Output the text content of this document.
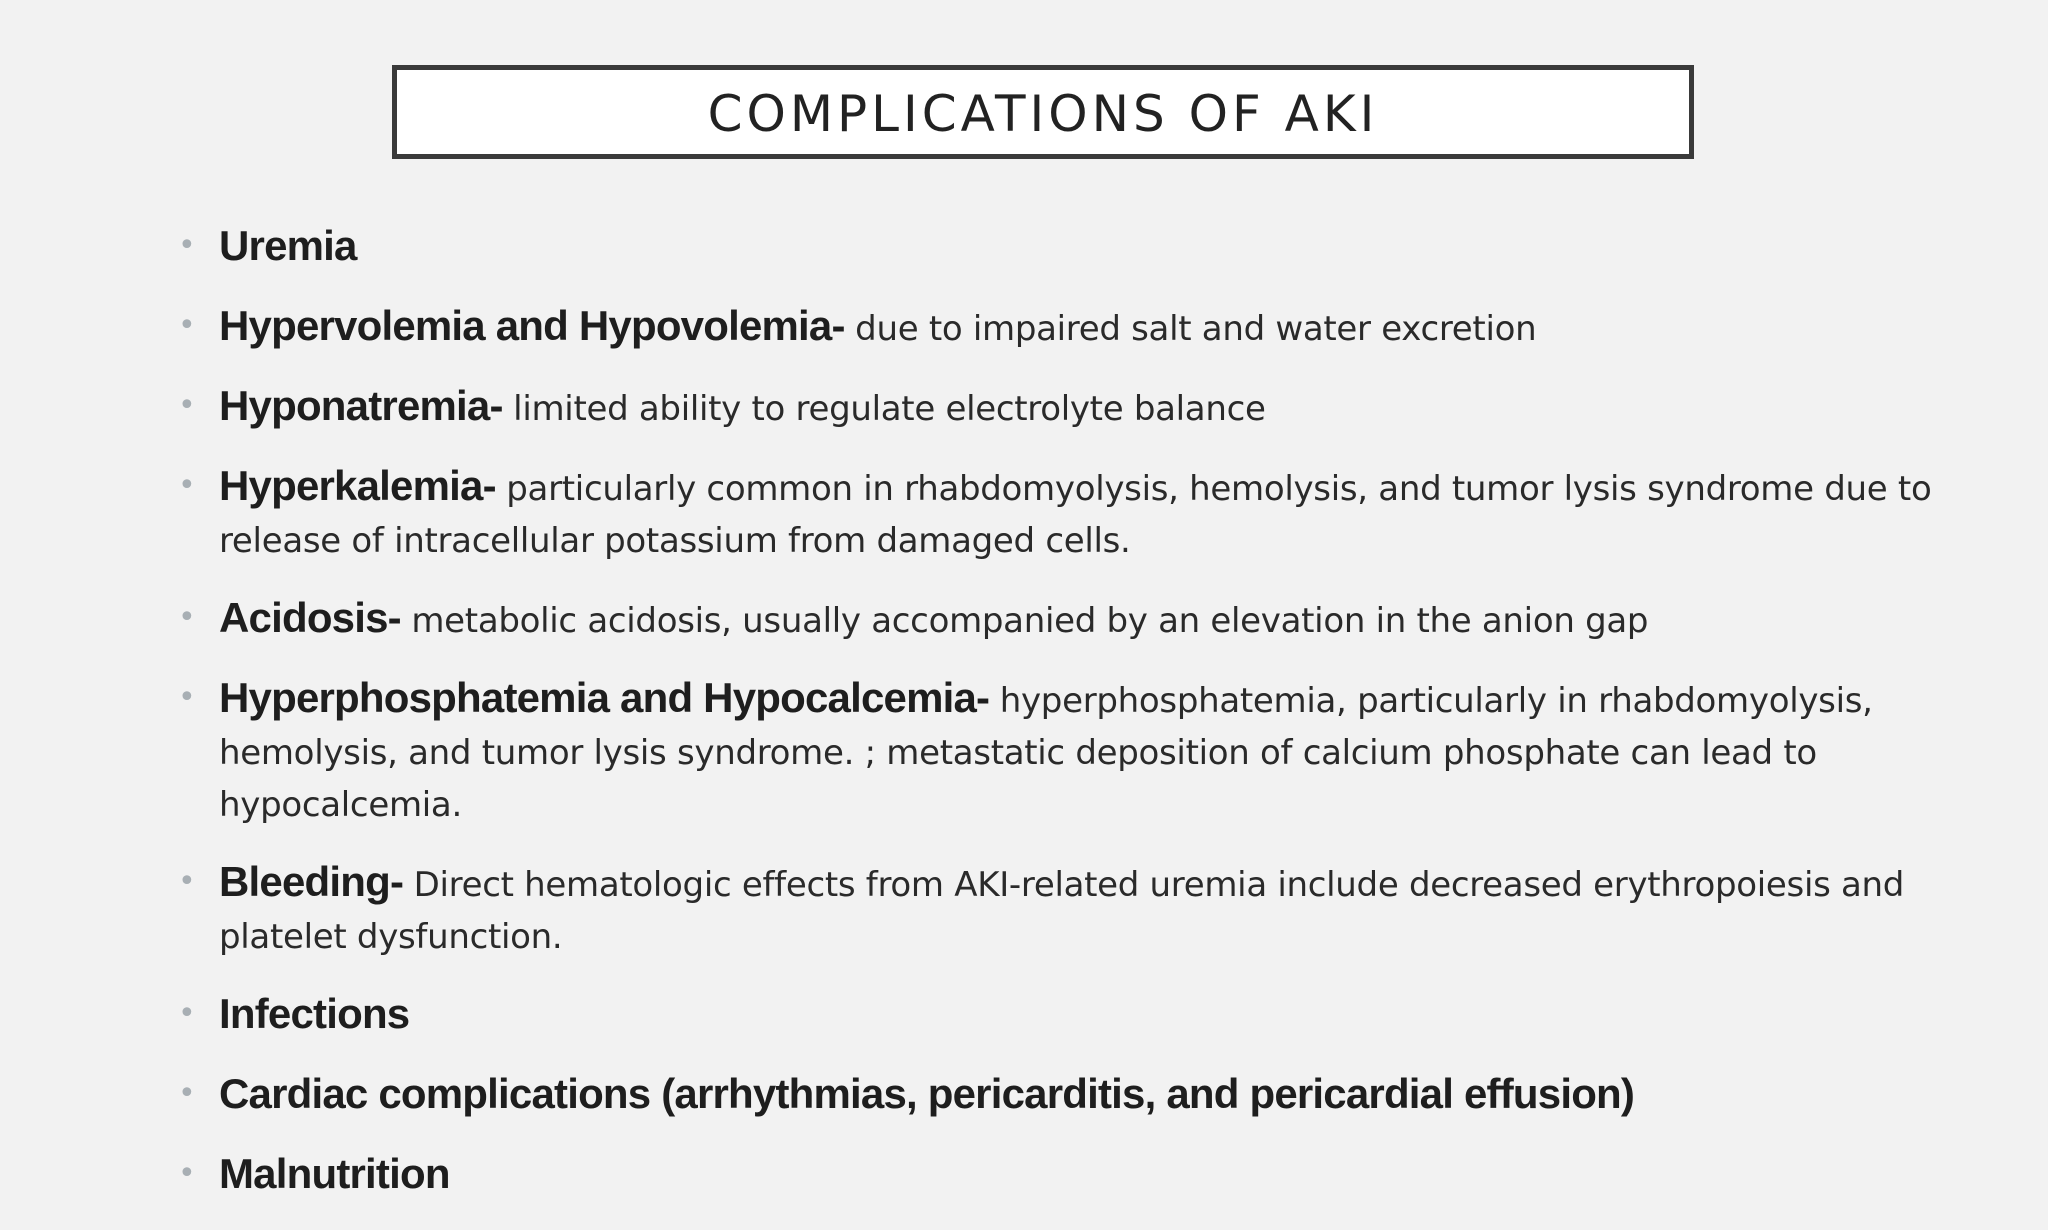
COMPLICATIONS OF AKI
• Uremia
• Hypervolemia and Hypovolemia- due to impaired salt and water excretion
• Hyponatremia- limited ability to regulate electrolyte balance
• Hyperkalemia- particularly common in rhabdomyolysis, hemolysis, and tumor lysis syndrome due to release of intracellular potassium from damaged cells.
• Acidosis- metabolic acidosis, usually accompanied by an elevation in the anion gap
• Hyperphosphatemia and Hypocalcemia- hyperphosphatemia, particularly in rhabdomyolysis, hemolysis, and tumor lysis syndrome. ; metastatic deposition of calcium phosphate can lead to hypocalcemia.
• Bleeding- Direct hematologic effects from AKI-related uremia include decreased erythropoiesis and platelet dysfunction.
• Infections
• Cardiac complications (arrhythmias, pericarditis, and pericardial effusion)
• Malnutrition
